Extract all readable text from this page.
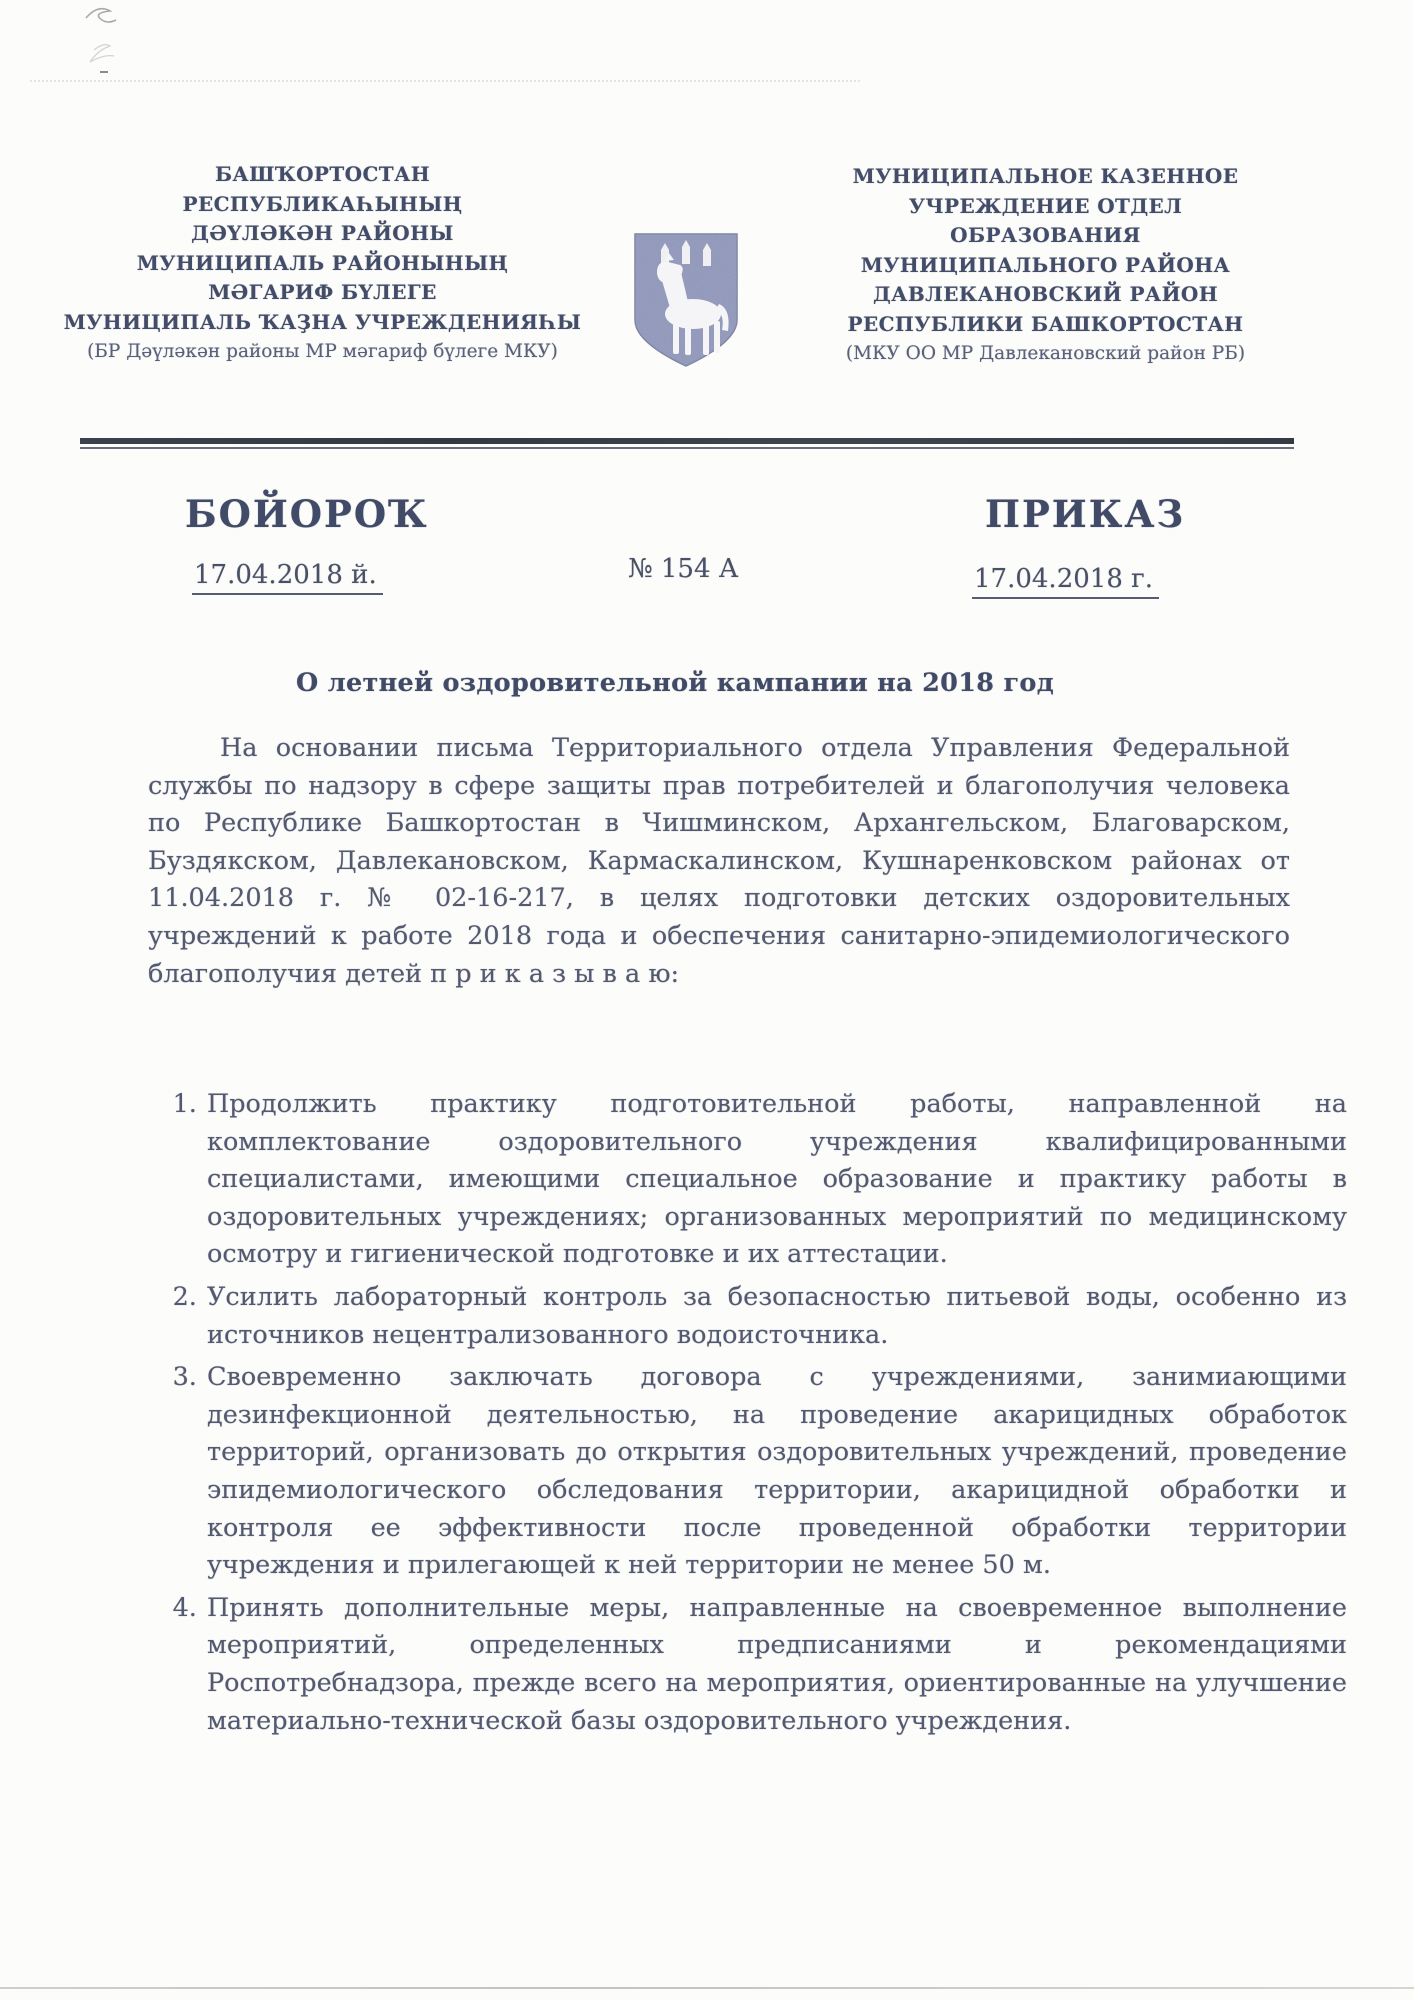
БАШҠОРТОСТАН
РЕСПУБЛИКАҺЫНЫҢ
ДӘҮЛӘКӘН РАЙОНЫ
МУНИЦИПАЛЬ РАЙОНЫНЫҢ
МӘГАРИФ БҮЛЕГЕ
МУНИЦИПАЛЬ ҠАҘНА УЧРЕЖДЕНИЯҺЫ
(БР Дәүләкән районы МР мәгариф бүлеге МКУ)
МУНИЦИПАЛЬНОЕ КАЗЕННОЕ
УЧРЕЖДЕНИЕ ОТДЕЛ
ОБРАЗОВАНИЯ
МУНИЦИПАЛЬНОГО РАЙОНА
ДАВЛЕКАНОВСКИЙ РАЙОН
РЕСПУБЛИКИ БАШКОРТОСТАН
(МКУ ОО МР Давлекановский район РБ)
БОЙОРОҠ	ПРИКАЗ
17.04.2018 й.	№ 154 А	17.04.2018 г.
О летней оздоровительной кампании на 2018 год

На основании письма Территориального отдела Управления Федеральной службы по надзору в сфере защиты прав потребителей и благополучия человека по Республике Башкортостан в Чишминском, Архангельском, Благоварском, Буздякском, Давлекановском, Кармаскалинском, Кушнаренковском районах от 11.04.2018 г. № 02-16-217, в целях подготовки детских оздоровительных учреждений к работе 2018 года и обеспечения санитарно-эпидемиологического благополучия детей п р и к а з ы в а ю:

1. Продолжить практику подготовительной работы, направленной на комплектование оздоровительного учреждения квалифицированными специалистами, имеющими специальное образование и практику работы в оздоровительных учреждениях; организованных мероприятий по медицинскому осмотру и гигиенической подготовке и их аттестации.
2. Усилить лабораторный контроль за безопасностью питьевой воды, особенно из источников нецентрализованного водоисточника.
3. Своевременно заключать договора с учреждениями, занимиающими дезинфекционной деятельностью, на проведение акарицидных обработок территорий, организовать до открытия оздоровительных учреждений, проведение эпидемиологического обследования территории, акарицидной обработки и контроля ее эффективности после проведенной обработки территории учреждения и прилегающей к ней территории не менее 50 м.
4. Принять дополнительные меры, направленные на своевременное выполнение мероприятий, определенных предписаниями и рекомендациями Роспотребнадзора, прежде всего на мероприятия, ориентированные на улучшение материально-технической базы оздоровительного учреждения.
